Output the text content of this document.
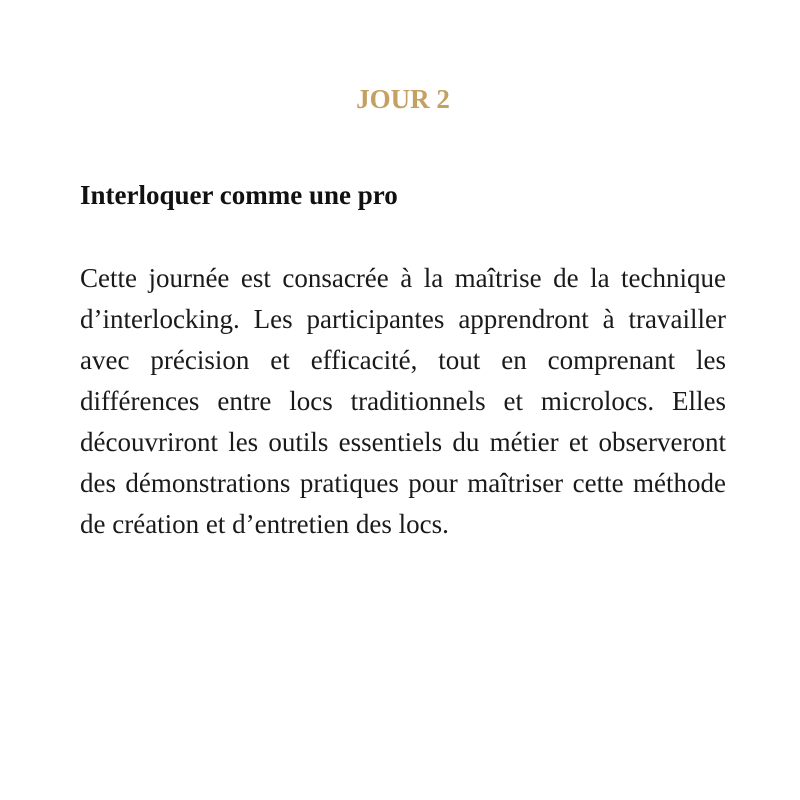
JOUR 2
Interloquer comme une pro

Cette journée est consacrée à la maîtrise de la technique d’interlocking. Les participantes apprendront à travailler avec précision et efficacité, tout en comprenant les différences entre locs traditionnels et microlocs. Elles découvriront les outils essentiels du métier et observeront des démonstrations pratiques pour maîtriser cette méthode de création et d’entretien des locs.
